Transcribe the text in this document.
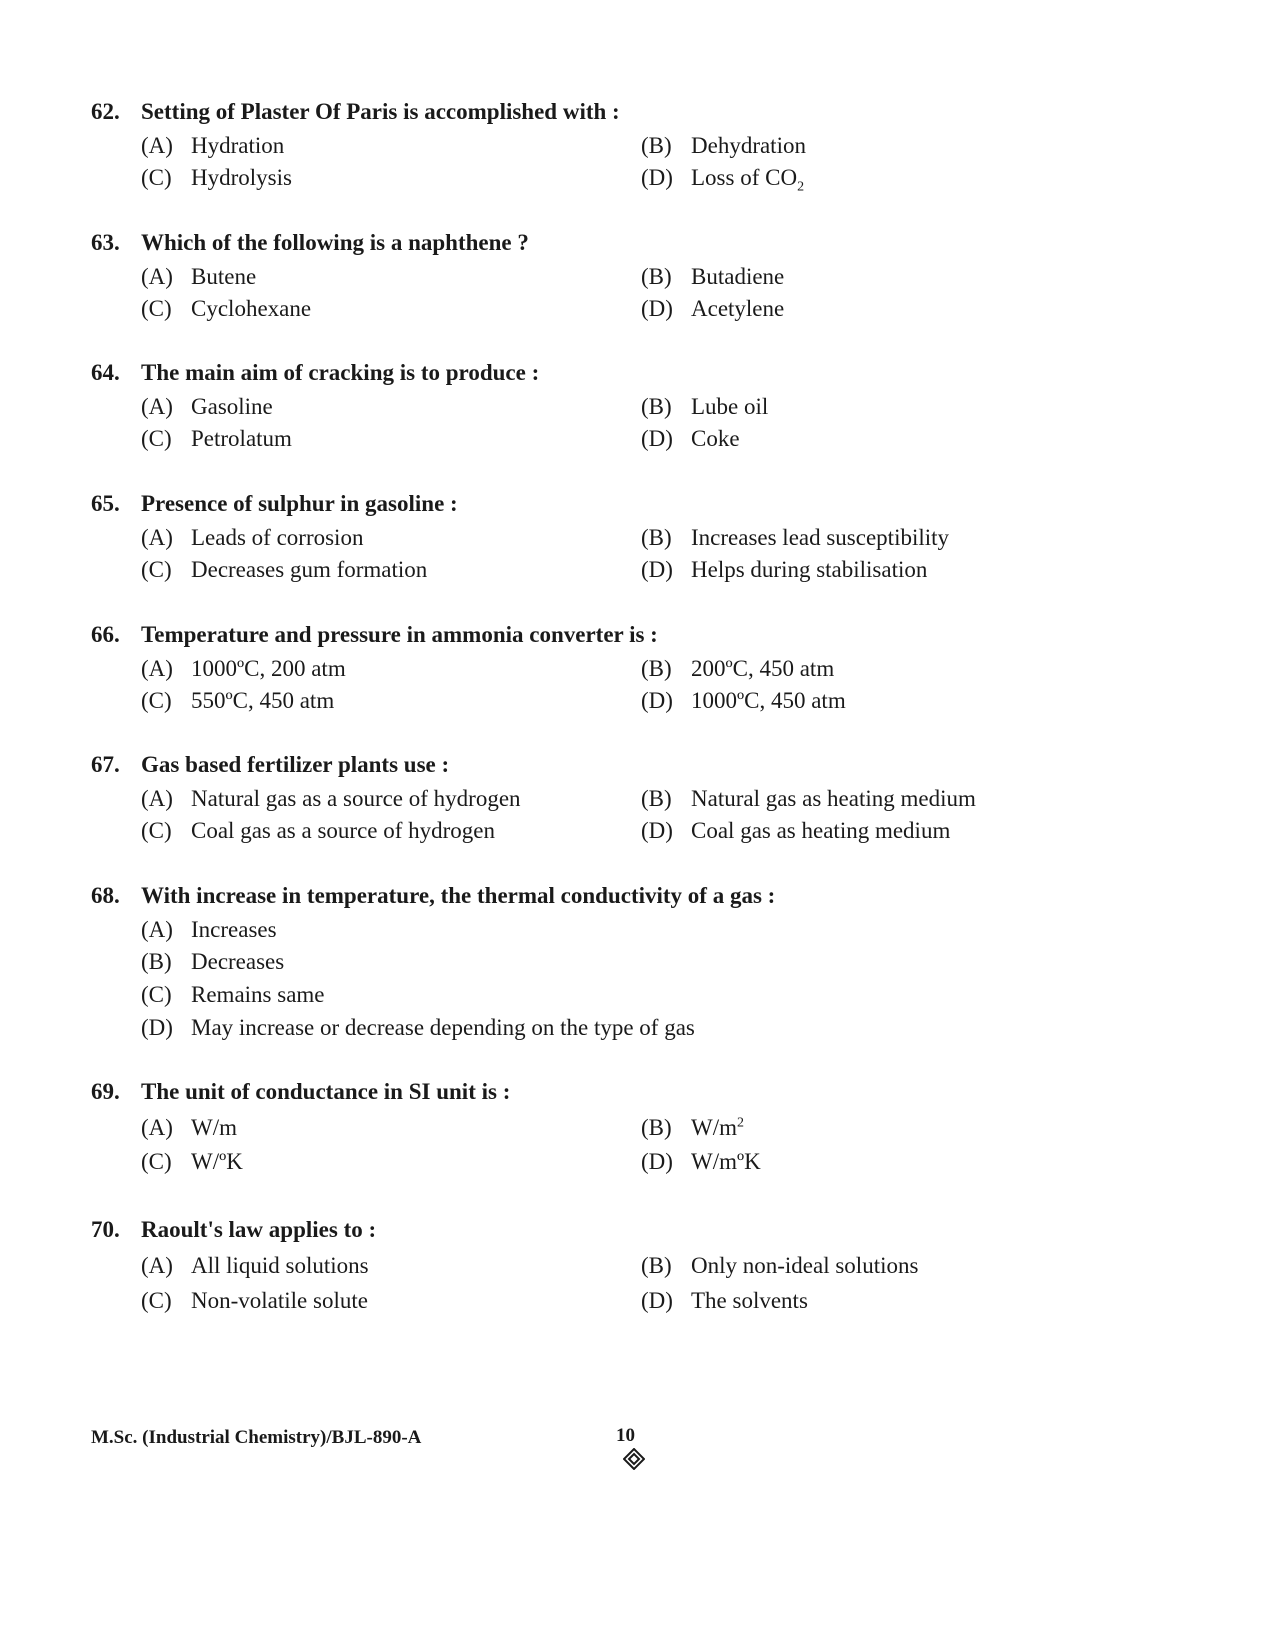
62. Setting of Plaster Of Paris is accomplished with :
(A) Hydration	(B) Dehydration
(C) Hydrolysis	(D) Loss of $CO_2$
63. Which of the following is a naphthene ?
(A) Butene	(B) Butadiene
(C) Cyclohexane	(D) Acetylene
64. The main aim of cracking is to produce :
(A) Gasoline	(B) Lube oil
(C) Petrolatum	(D) Coke
65. Presence of sulphur in gasoline :
(A) Leads of corrosion	(B) Increases lead susceptibility
(C) Decreases gum formation	(D) Helps during stabilisation
66. Temperature and pressure in ammonia converter is :
(A) 1000ºC, 200 atm	(B) 200ºC, 450 atm
(C) 550ºC, 450 atm	(D) 1000ºC, 450 atm
67. Gas based fertilizer plants use :
(A) Natural gas as a source of hydrogen	(B) Natural gas as heating medium
(C) Coal gas as a source of hydrogen	(D) Coal gas as heating medium
68. With increase in temperature, the thermal conductivity of a gas :
(A) Increases
(B) Decreases
(C) Remains same
(D) May increase or decrease depending on the type of gas
69. The unit of conductance in SI unit is :
(A) W/m	(B) $W/m^2$
(C) W/ºK	(D) W/mºK
70. Raoult's law applies to :
(A) All liquid solutions	(B) Only non-ideal solutions
(C) Non-volatile solute	(D) The solvents
M.Sc. (Industrial Chemistry)/BJL-890-A	10
